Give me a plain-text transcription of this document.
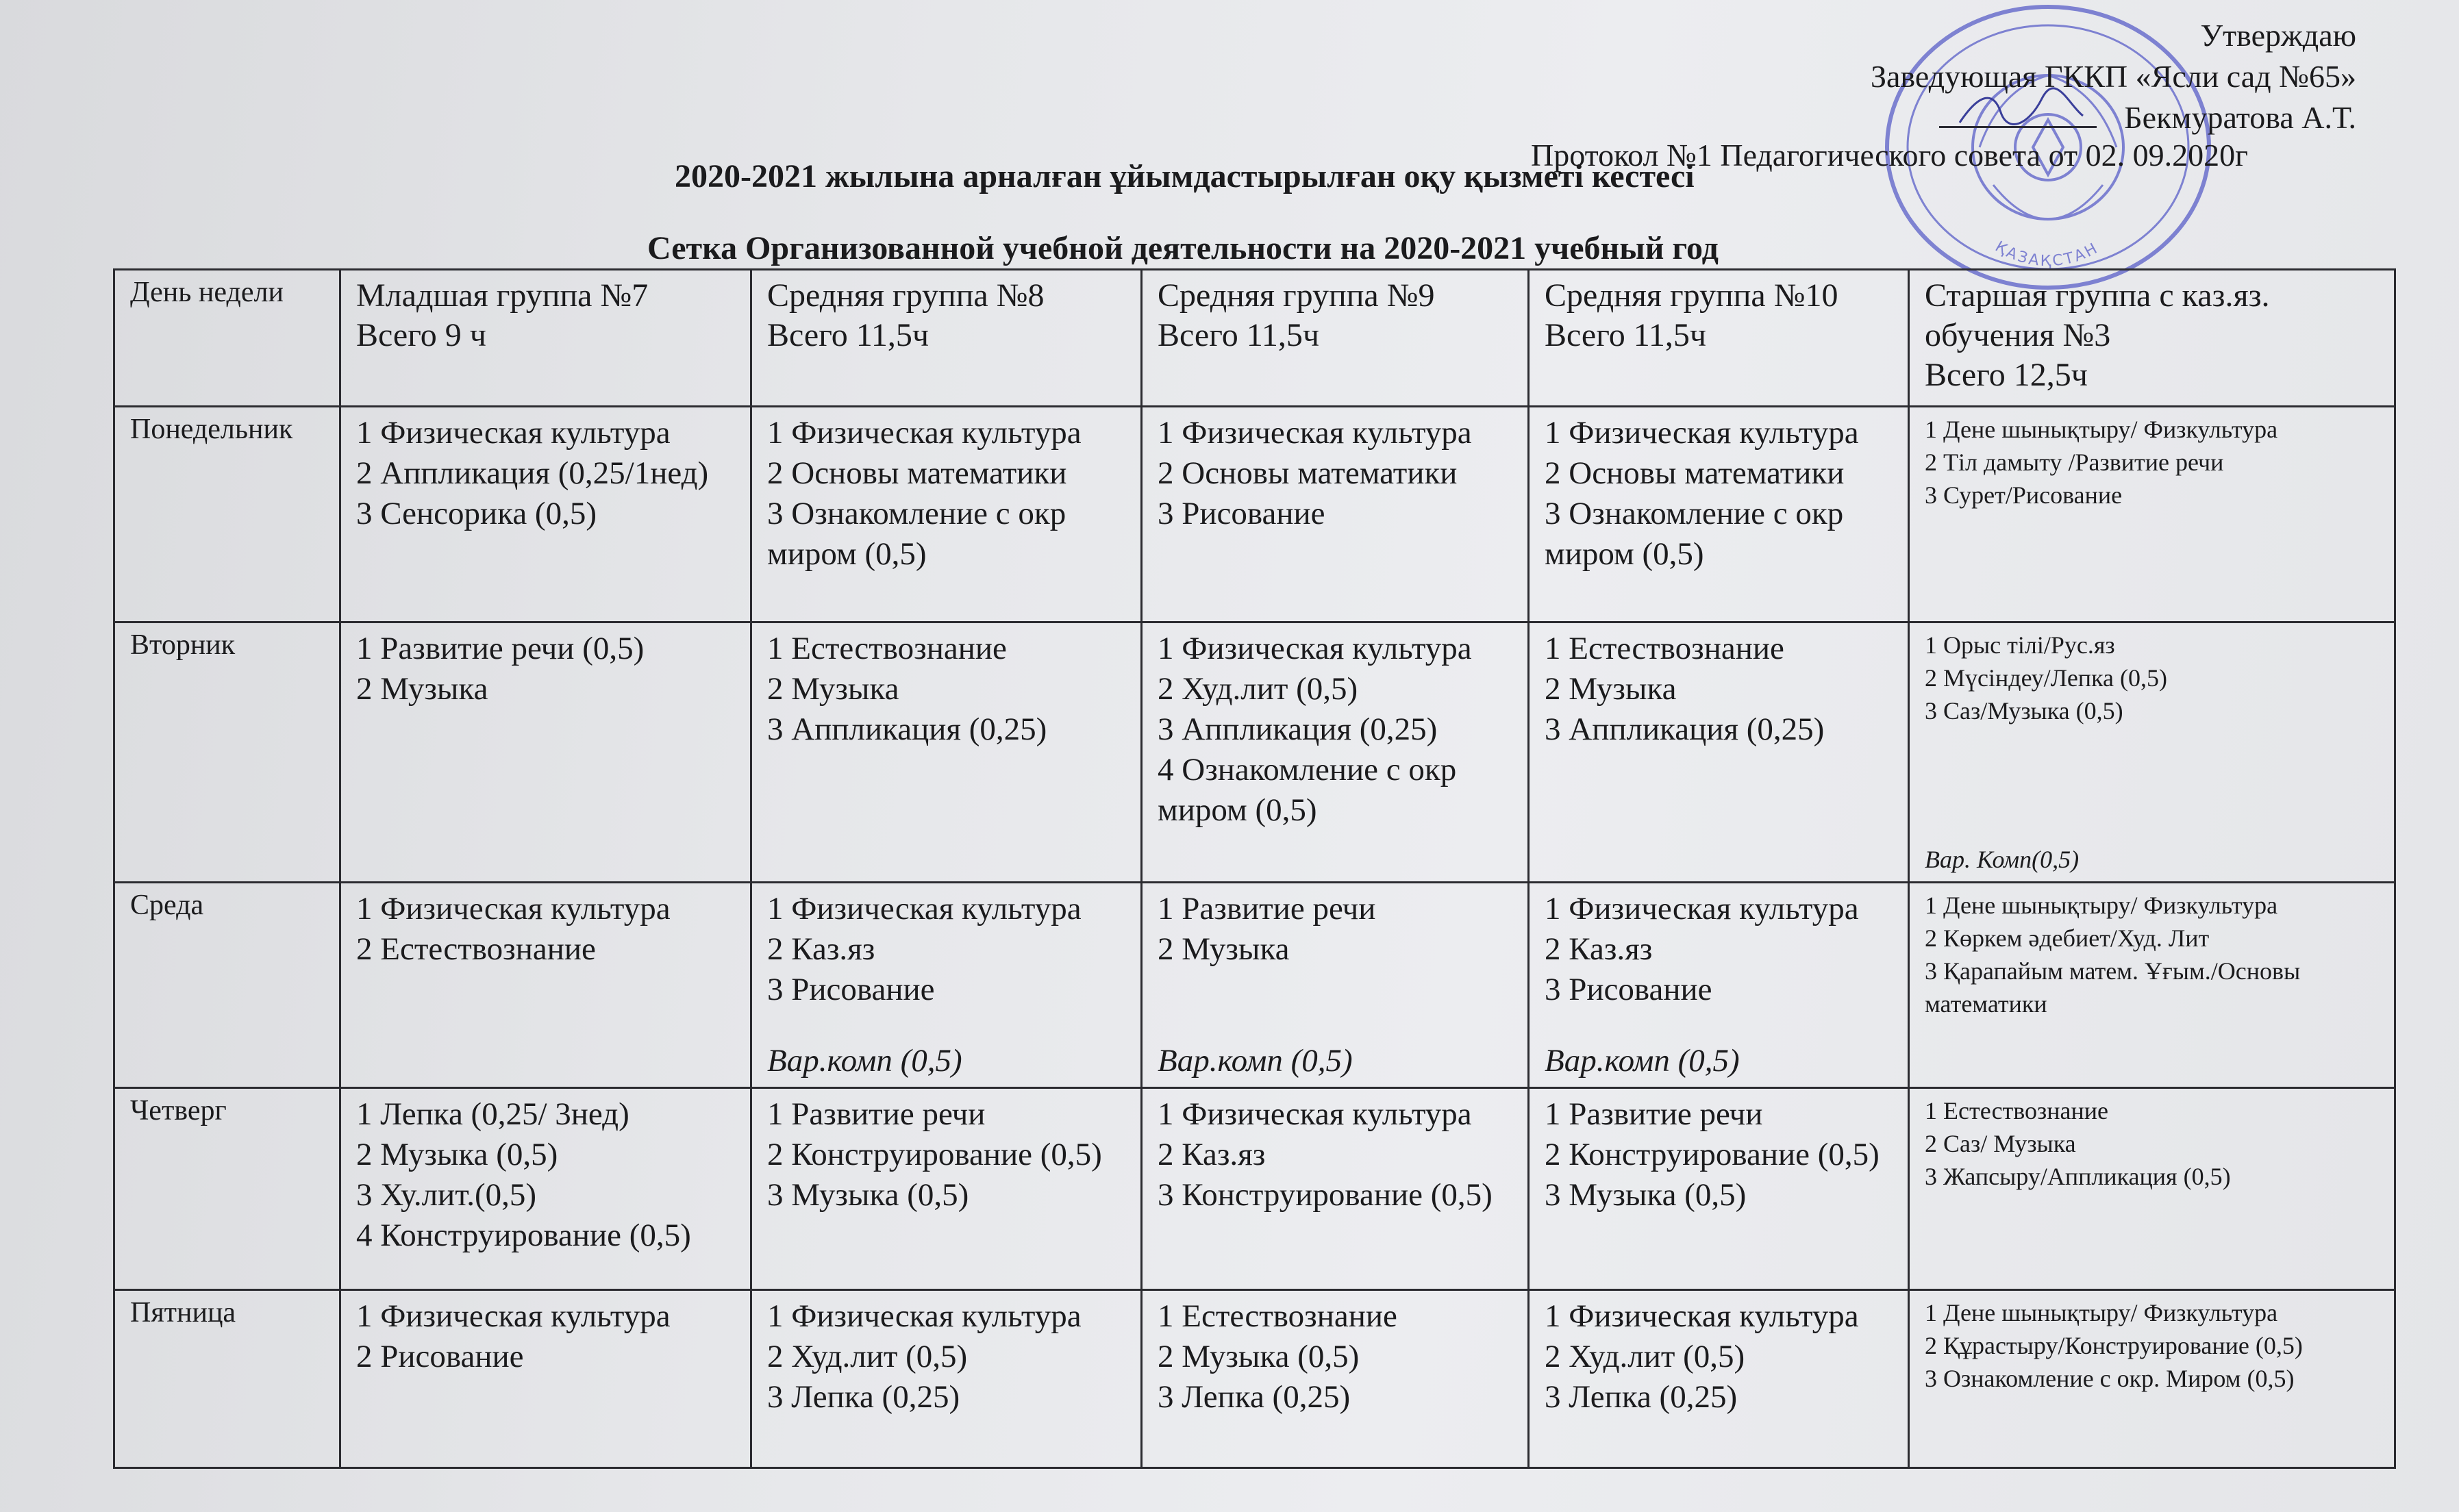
ҚАЗАҚСТАН
Утверждаю
Заведующая ГККП «Ясли сад №65»
Бекмуратова А.Т.
Протокол №1 Педагогического совета от 02. 09.2020г
2020-2021 жылына арналған ұйымдастырылған оқу қызметі кестесі
Сетка Организованной учебной деятельности на 2020-2021 учебный год
День недели	Младшая группа №7
Всего 9 ч	Средняя группа №8
Всего 11,5ч	Средняя группа №9
Всего 11,5ч	Средняя группа №10
Всего 11,5ч	Старшая группа с каз.яз. обучения №3
Всего 12,5ч

Понедельник	1 Физическая культура
2 Аппликация (0,25/1нед)
3 Сенсорика (0,5)	1 Физическая культура
2 Основы математики
3 Ознакомление с окр миром (0,5)	1 Физическая культура
2 Основы математики
3 Рисование	1 Физическая культура
2 Основы математики
3 Ознакомление с окр миром (0,5)	1 Дене шынықтыру/ Физкультура
2 Тіл дамыту /Развитие речи
3 Сурет/Рисование

Вторник	1 Развитие речи (0,5)
2 Музыка	1 Естествознание
2 Музыка
3 Аппликация (0,25)	1 Физическая культура
2 Худ.лит (0,5)
3 Аппликация (0,25)
4 Ознакомление с окр миром (0,5)	1 Естествознание
2 Музыка
3 Аппликация (0,25)	1 Орыс тілі/Рус.яз
2 Мүсіндеу/Лепка (0,5)
3 Саз/Музыка (0,5)
Вар. Комп(0,5)

Среда	1 Физическая культура
2 Естествознание	1 Физическая культура
2 Каз.яз
3 Рисование
Вар.комп (0,5)	1 Развитие речи
2 Музыка
Вар.комп (0,5)	1 Физическая культура
2 Каз.яз
3 Рисование
Вар.комп (0,5)	1 Дене шынықтыру/ Физкультура
2 Көркем әдебиет/Худ. Лит
3 Қарапайым матем. Ұғым./Основы математики

Четверг	1 Лепка (0,25/ 3нед)
2 Музыка (0,5)
3 Ху.лит.(0,5)
4 Конструирование (0,5)	1 Развитие речи
2 Конструирование (0,5)
3 Музыка (0,5)	1 Физическая культура
2 Каз.яз
3 Конструирование (0,5)	1 Развитие речи
2 Конструирование (0,5)
3 Музыка (0,5)	1 Естествознание
2 Саз/ Музыка
3 Жапсыру/Аппликация (0,5)

Пятница	1 Физическая культура
2 Рисование	1 Физическая культура
2 Худ.лит (0,5)
3 Лепка (0,25)	1 Естествознание
2 Музыка (0,5)
3 Лепка (0,25)	1 Физическая культура
2 Худ.лит (0,5)
3 Лепка (0,25)	1 Дене шынықтыру/ Физкультура
2 Құрастыру/Конструирование (0,5)
3 Ознакомление с окр. Миром (0,5)
